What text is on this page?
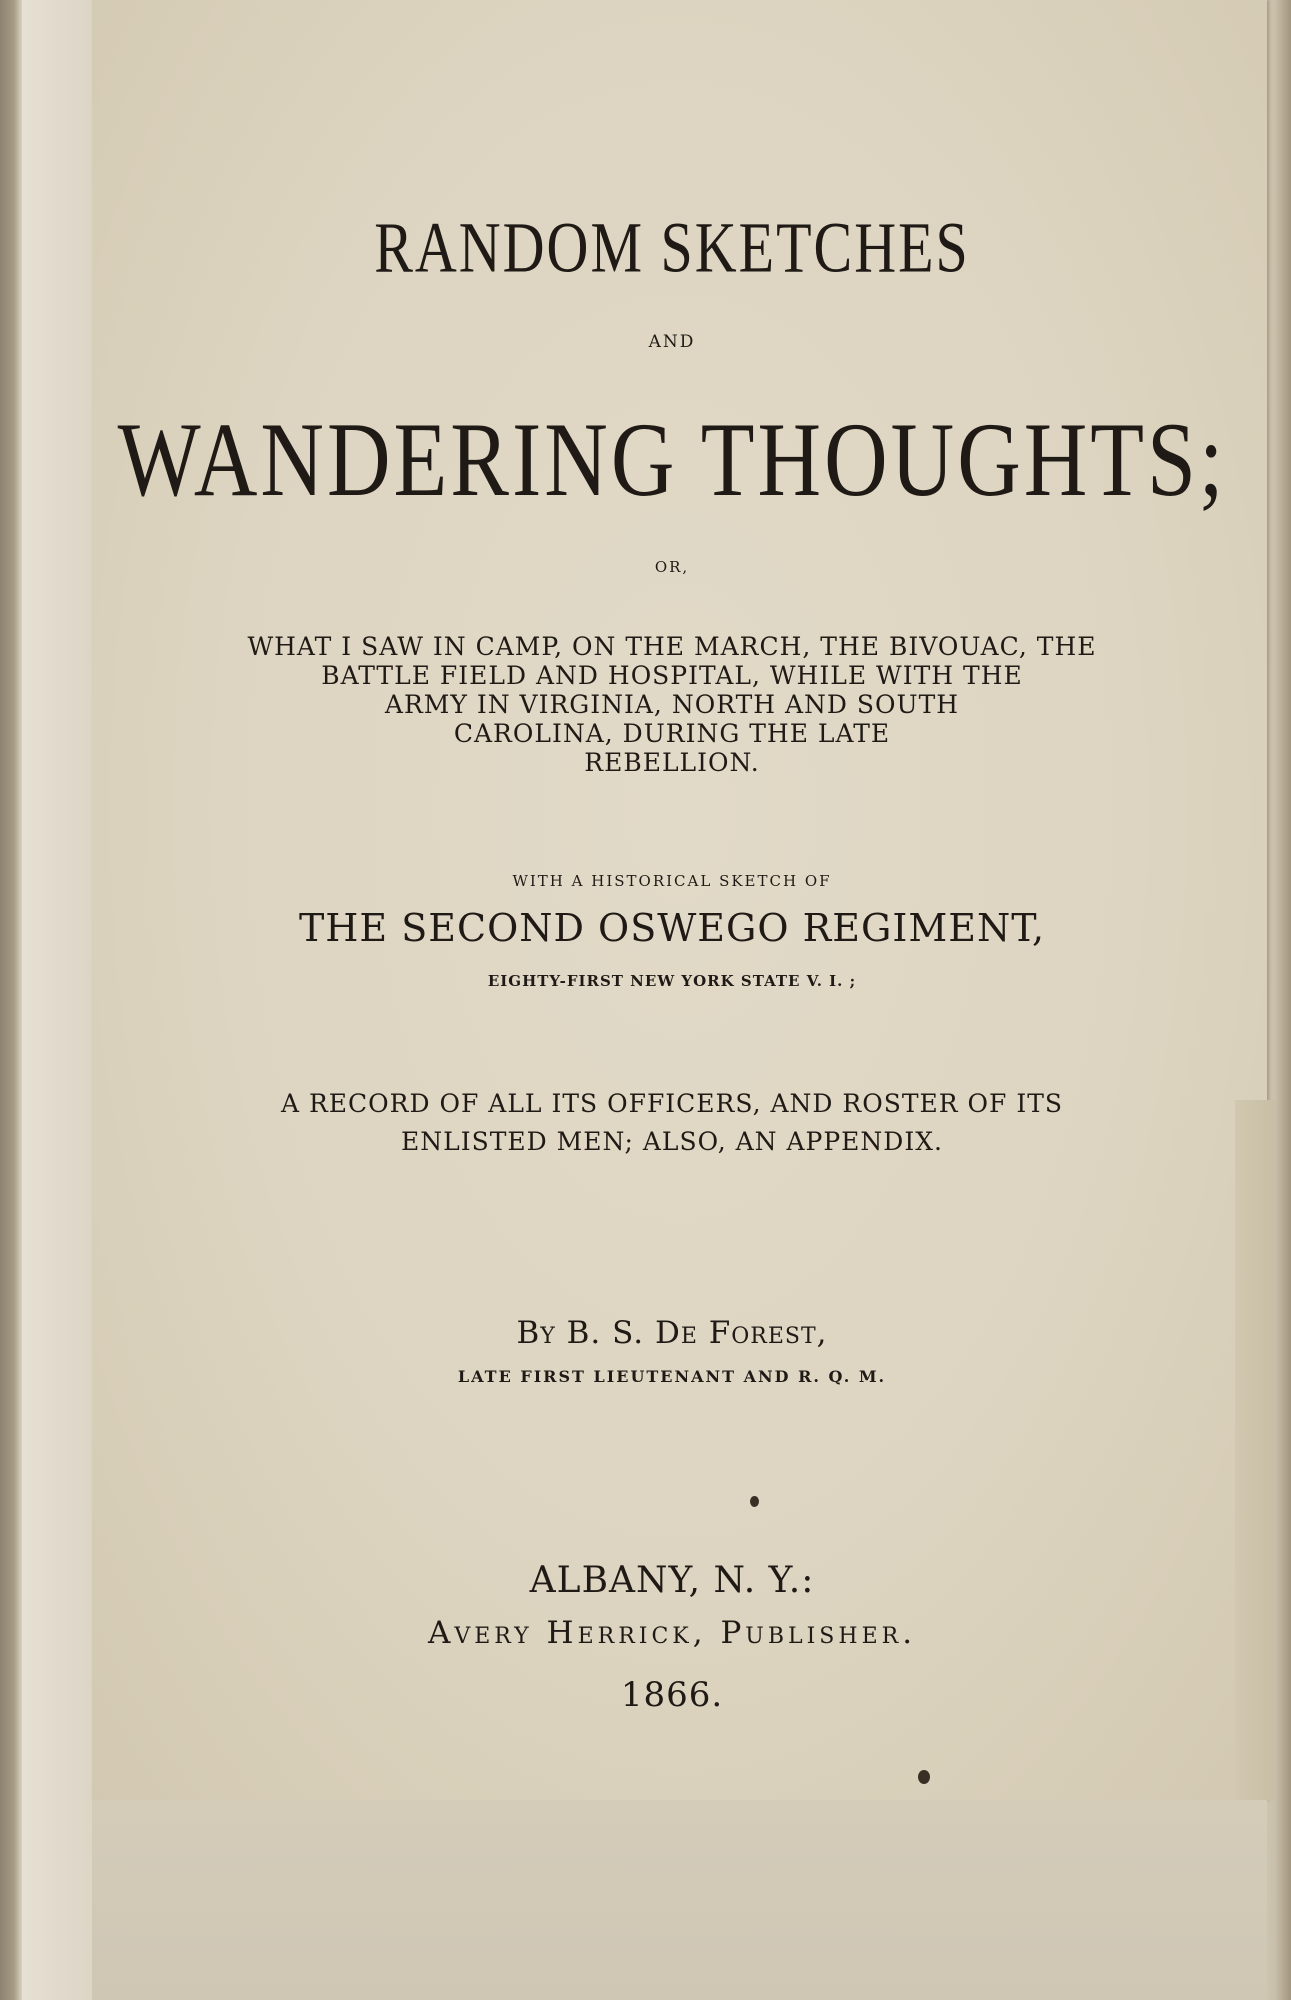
RANDOM SKETCHES
AND
WANDERING THOUGHTS;
OR,
WHAT I SAW IN CAMP, ON THE MARCH, THE BIVOUAC, THE
BATTLE FIELD AND HOSPITAL, WHILE WITH THE
ARMY IN VIRGINIA, NORTH AND SOUTH
CAROLINA, DURING THE LATE
REBELLION.
WITH A HISTORICAL SKETCH OF
THE SECOND OSWEGO REGIMENT,
EIGHTY-FIRST NEW YORK STATE V. I. ;
A RECORD OF ALL ITS OFFICERS, AND ROSTER OF ITS
ENLISTED MEN; ALSO, AN APPENDIX.
By B. S. De Forest,
LATE FIRST LIEUTENANT AND R. Q. M.
ALBANY, N. Y.:
Avery Herrick, Publisher.
1866.
